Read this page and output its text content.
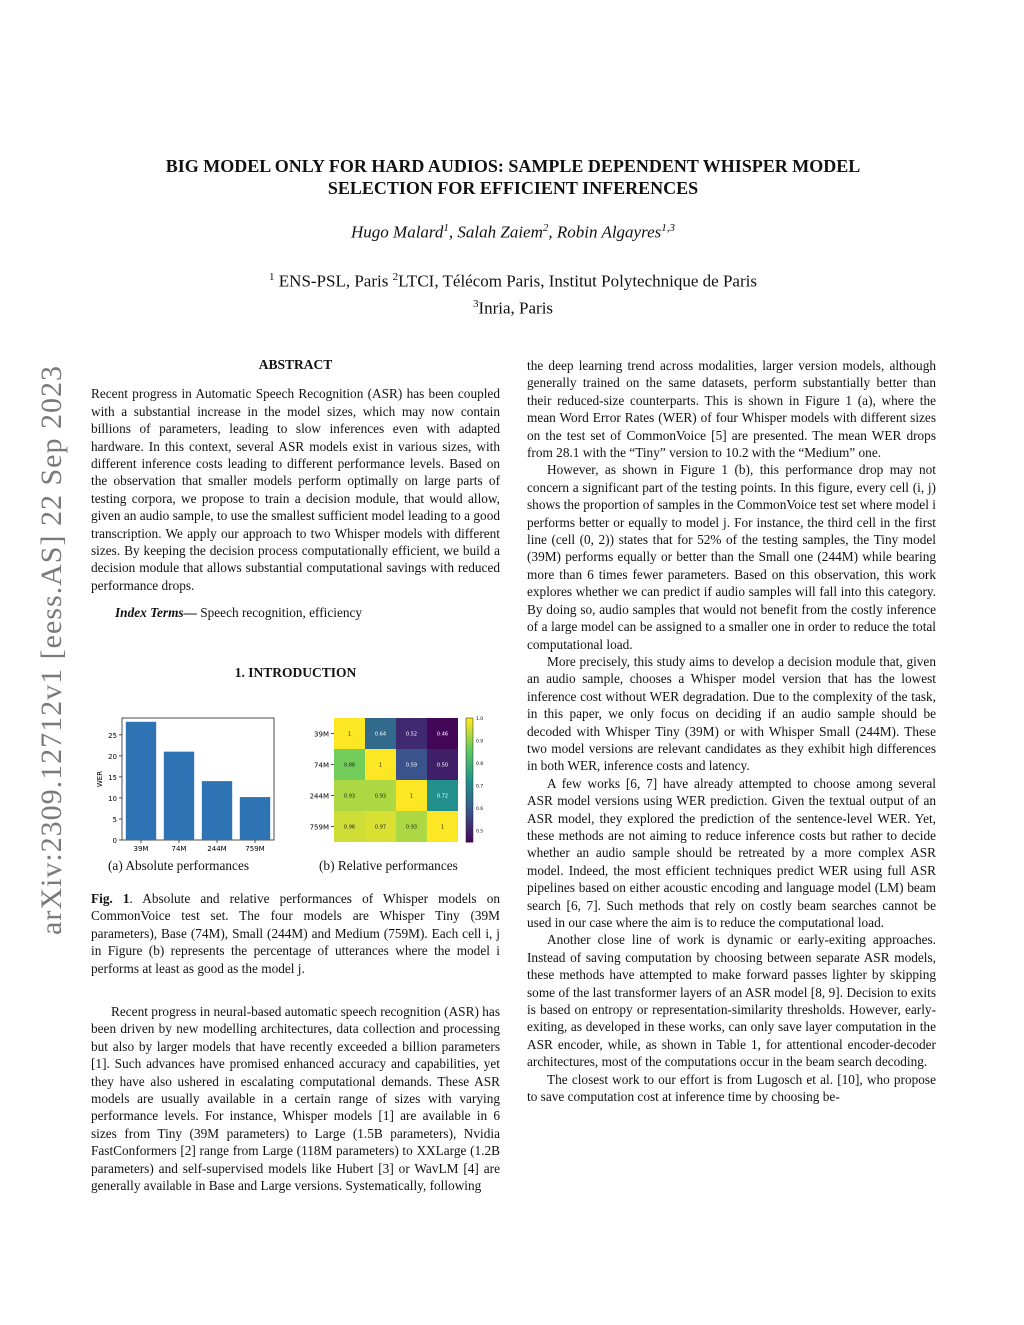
arXiv:2309.12712v1 [eess.AS] 22 Sep 2023
BIG MODEL ONLY FOR HARD AUDIOS: SAMPLE DEPENDENT WHISPER MODEL
SELECTION FOR EFFICIENT INFERENCES
Hugo Malard$^1$, Salah Zaiem$^2$, Robin Algayres$^{1,3}$
$^1$ ENS-PSL, Paris $^2$LTCI, Télécom Paris, Institut Polytechnique de Paris
$^3$Inria, Paris
ABSTRACT

Recent progress in Automatic Speech Recognition (ASR) has been coupled with a substantial increase in the model sizes, which may now contain billions of parameters, leading to slow inferences even with adapted hardware. In this context, several ASR models exist in various sizes, with different inference costs leading to different performance levels. Based on the observation that smaller models perform optimally on large parts of testing corpora, we propose to train a decision module, that would allow, given an audio sample, to use the smallest sufficient model leading to a good transcription. We apply our approach to two Whisper models with different sizes. By keeping the decision process computationally efficient, we build a decision module that allows substantial computational savings with reduced performance drops.

Index Terms— Speech recognition, efficiency

1. INTRODUCTION
0
5
10
15
20
25
WER
39M	74M	244M	759M
1	0.64	0.52	0.46
39M
0.88	1	0.59	0.50
74M
0.93	0.93	1	0.72
244M
0.96	0.97	0.93	1
759M
1.0
0.9
0.8
0.7
0.6
0.5
(a) Absolute performances	(b) Relative performances
Fig. 1. Absolute and relative performances of Whisper models on CommonVoice test set. The four models are Whisper Tiny (39M parameters), Base (74M), Small (244M) and Medium (759M). Each cell i, j in Figure (b) represents the percentage of utterances where the model i performs at least as good as the model j.

Recent progress in neural-based automatic speech recognition (ASR) has been driven by new modelling architectures, data collection and processing but also by larger models that have recently exceeded a billion parameters [1]. Such advances have promised enhanced accuracy and capabilities, yet they have also ushered in escalating computational demands. These ASR models are usually available in a certain range of sizes with varying performance levels. For instance, Whisper models [1] are available in 6 sizes from Tiny (39M parameters) to Large (1.5B parameters), Nvidia FastConformers [2] range from Large (118M parameters) to XXLarge (1.2B parameters) and self-supervised models like Hubert [3] or WavLM [4] are generally available in Base and Large versions. Systematically, following

the deep learning trend across modalities, larger version models, although generally trained on the same datasets, perform substantially better than their reduced-size counterparts. This is shown in Figure 1 (a), where the mean Word Error Rates (WER) of four Whisper models with different sizes on the test set of CommonVoice [5] are presented. The mean WER drops from 28.1 with the “Tiny” version to 10.2 with the “Medium” one.

However, as shown in Figure 1 (b), this performance drop may not concern a significant part of the testing points. In this figure, every cell (i, j) shows the proportion of samples in the CommonVoice test set where model i performs better or equally to model j. For instance, the third cell in the first line (cell (0, 2)) states that for 52% of the testing samples, the Tiny model (39M) performs equally or better than the Small one (244M) while bearing more than 6 times fewer parameters. Based on this observation, this work explores whether we can predict if audio samples will fall into this category. By doing so, audio samples that would not benefit from the costly inference of a large model can be assigned to a smaller one in order to reduce the total computational load.

More precisely, this study aims to develop a decision module that, given an audio sample, chooses a Whisper model version that has the lowest inference cost without WER degradation. Due to the complexity of the task, in this paper, we only focus on deciding if an audio sample should be decoded with Whisper Tiny (39M) or with Whisper Small (244M). These two model versions are relevant candidates as they exhibit high differences in both WER, inference costs and latency.

A few works [6, 7] have already attempted to choose among several ASR model versions using WER prediction. Given the textual output of an ASR model, they explored the prediction of the sentence-level WER. Yet, these methods are not aiming to reduce inference costs but rather to decide whether an audio sample should be retreated by a more complex ASR model. Indeed, the most efficient techniques predict WER using full ASR pipelines based on either acoustic encoding and language model (LM) beam search [6, 7]. Such methods that rely on costly beam searches cannot be used in our case where the aim is to reduce the computational load.

Another close line of work is dynamic or early-exiting approaches. Instead of saving computation by choosing between separate ASR models, these methods have attempted to make forward passes lighter by skipping some of the last transformer layers of an ASR model [8, 9]. Decision to exits is based on entropy or representation-similarity thresholds. However, early-exiting, as developed in these works, can only save layer computation in the ASR encoder, while, as shown in Table 1, for attentional encoder-decoder architectures, most of the computations occur in the beam search decoding.

The closest work to our effort is from Lugosch et al. [10], who propose to save computation cost at inference time by choosing be-
